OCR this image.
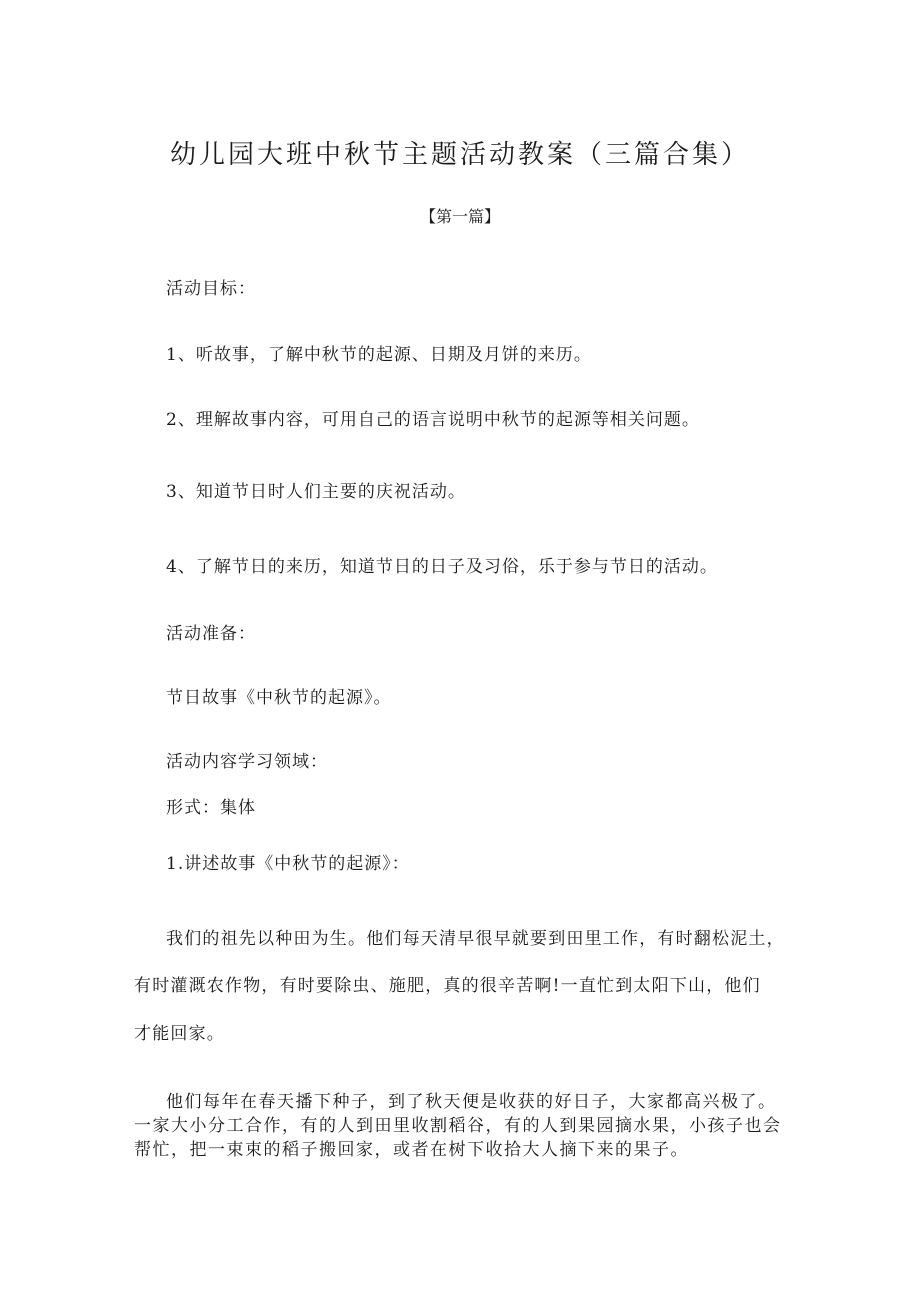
幼儿园大班中秋节主题活动教案（三篇合集）
【第一篇】
活动目标：
1、听故事，了解中秋节的起源、日期及月饼的来历。
2、理解故事内容，可用自己的语言说明中秋节的起源等相关问题。
3、知道节日时人们主要的庆祝活动。
4、了解节日的来历，知道节日的日子及习俗，乐于参与节日的活动。
活动准备：
节日故事《中秋节的起源》。
活动内容学习领域：
形式：集体
1.讲述故事《中秋节的起源》：
我们的祖先以种田为生。他们每天清早很早就要到田里工作，有时翻松泥土，
有时灌溉农作物，有时要除虫、施肥，真的很辛苦啊!一直忙到太阳下山，他们
才能回家。
他们每年在春天播下种子，到了秋天便是收获的好日子，大家都高兴极了。
一家大小分工合作，有的人到田里收割稻谷，有的人到果园摘水果，小孩子也会
帮忙，把一束束的稻子搬回家，或者在树下收拾大人摘下来的果子。
